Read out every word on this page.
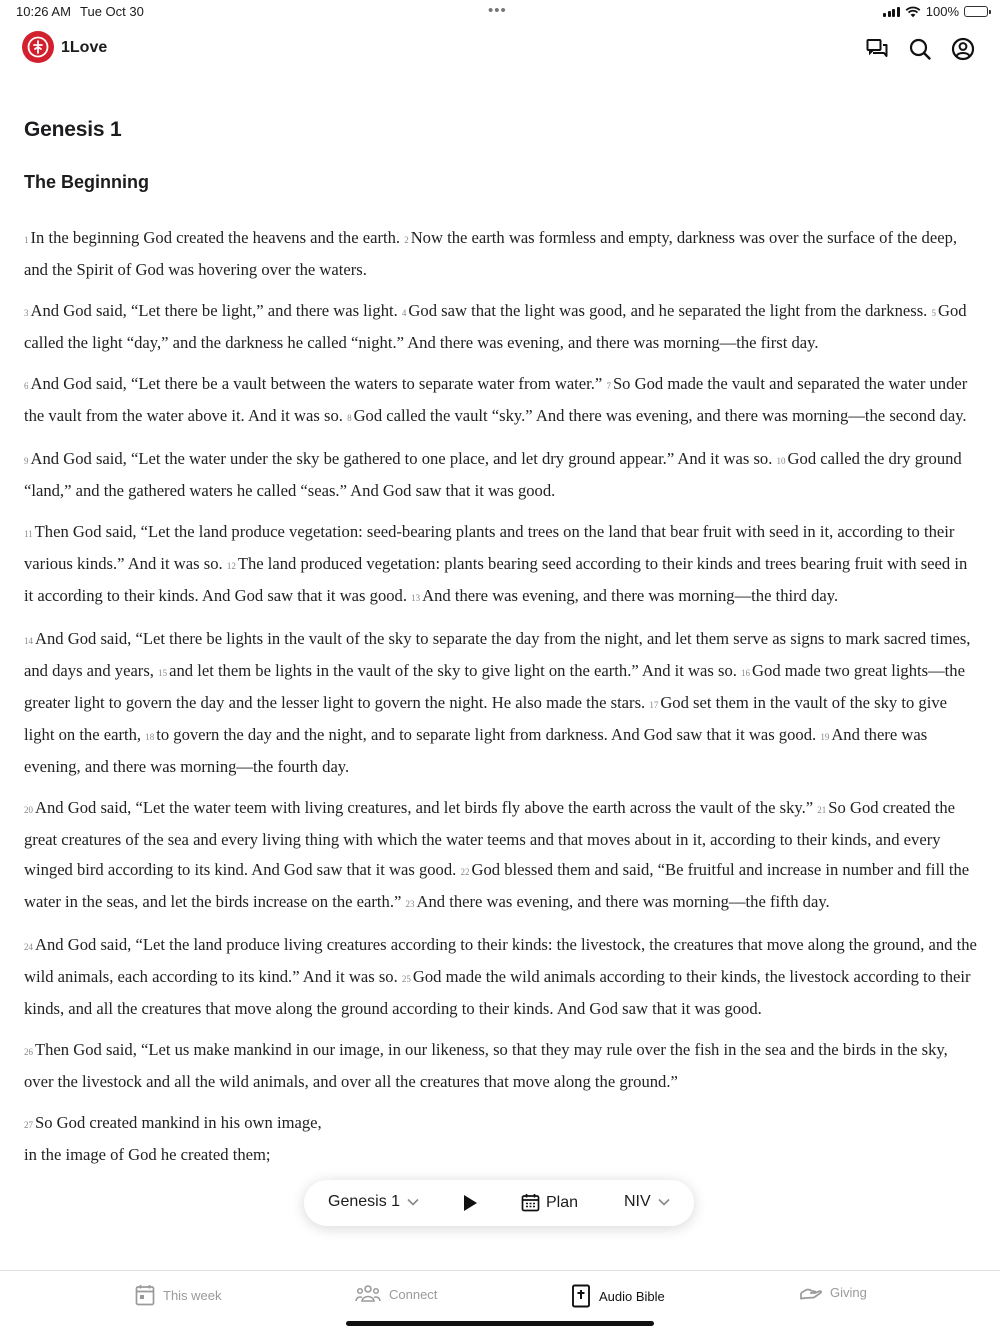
10:26 AM Tue Oct 30	•••	100%
1Love
Genesis 1
The Beginning

1 In the beginning God created the heavens and the earth. 2 Now the earth was formless and empty, darkness was over the surface of the deep, and the Spirit of God was hovering over the waters.

3 And God said, “Let there be light,” and there was light. 4 God saw that the light was good, and he separated the light from the darkness. 5 God called the light “day,” and the darkness he called “night.” And there was evening, and there was morning—the first day.

6 And God said, “Let there be a vault between the waters to separate water from water.” 7 So God made the vault and separated the water under the vault from the water above it. And it was so. 8 God called the vault “sky.” And there was evening, and there was morning—the second day.

9 And God said, “Let the water under the sky be gathered to one place, and let dry ground appear.” And it was so. 10 God called the dry ground “land,” and the gathered waters he called “seas.” And God saw that it was good.

11 Then God said, “Let the land produce vegetation: seed-bearing plants and trees on the land that bear fruit with seed in it, according to their various kinds.” And it was so. 12 The land produced vegetation: plants bearing seed according to their kinds and trees bearing fruit with seed in it according to their kinds. And God saw that it was good. 13 And there was evening, and there was morning—the third day.

14 And God said, “Let there be lights in the vault of the sky to separate the day from the night, and let them serve as signs to mark sacred times, and days and years, 15 and let them be lights in the vault of the sky to give light on the earth.” And it was so. 16 God made two great lights—the greater light to govern the day and the lesser light to govern the night. He also made the stars. 17 God set them in the vault of the sky to give light on the earth, 18 to govern the day and the night, and to separate light from darkness. And God saw that it was good. 19 And there was evening, and there was morning—the fourth day.

20 And God said, “Let the water teem with living creatures, and let birds fly above the earth across the vault of the sky.” 21 So God created the great creatures of the sea and every living thing with which the water teems and that moves about in it, according to their kinds, and every winged bird according to its kind. And God saw that it was good. 22 God blessed them and said, “Be fruitful and increase in number and fill the water in the seas, and let the birds increase on the earth.” 23 And there was evening, and there was morning—the fifth day.

24 And God said, “Let the land produce living creatures according to their kinds: the livestock, the creatures that move along the ground, and the wild animals, each according to its kind.” And it was so. 25 God made the wild animals according to their kinds, the livestock according to their kinds, and all the creatures that move along the ground according to their kinds. And God saw that it was good.

26 Then God said, “Let us make mankind in our image, in our likeness, so that they may rule over the fish in the sea and the birds in the sky, over the livestock and all the wild animals, and over all the creatures that move along the ground.”

27 So God created mankind in his own image,
in the image of God he created them;

Genesis 1	Plan	NIV
This week	Connect	Audio Bible	Giving
